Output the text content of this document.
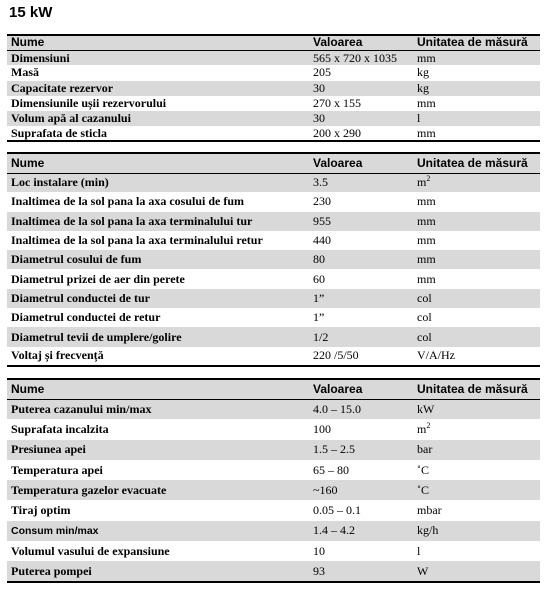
15 kW
Nume	Valoarea	Unitatea de măsură
Dimensiuni	565 x 720 x 1035	mm
Masă	205	kg
Capacitate rezervor	30	kg
Dimensiunile ușii rezervorului	270 x 155	mm
Volum apă al cazanului	30	l
Suprafata de sticla	200 x 290	mm
Nume	Valoarea	Unitatea de măsură
Loc instalare (min)	3.5	$m^2$
Inaltimea de la sol pana la axa cosului de fum	230	mm
Inaltimea de la sol pana la axa terminalului tur	955	mm
Inaltimea de la sol pana la axa terminalului retur	440	mm
Diametrul cosului de fum	80	mm
Diametrul prizei de aer din perete	60	mm
Diametrul conductei de tur	1”	col
Diametrul conductei de retur	1”	col
Diametrul tevii de umplere/golire	1/2	col
Voltaj și frecvență	220 /5/50	V/A/Hz
Nume	Valoarea	Unitatea de măsură
Puterea cazanului min/max	4.0 – 15.0	kW
Suprafata incalzita	100	$m^2$
Presiunea apei	1.5 – 2.5	bar
Temperatura apei	65 – 80	˚C
Temperatura gazelor evacuate	~160	˚C
Tiraj optim	0.05 – 0.1	mbar
Consum min/max	1.4 – 4.2	kg/h
Volumul vasului de expansiune	10	l
Puterea pompei	93	W
